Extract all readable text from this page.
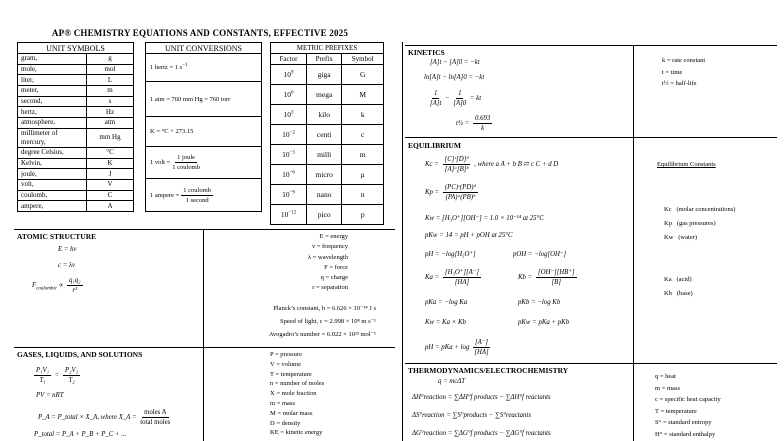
AP® CHEMISTRY EQUATIONS AND CONSTANTS, EFFECTIVE 2025
UNIT SYMBOLS	
gram,	g
mole,	mol
liter,	L
meter,	m
second,	s
hertz,	Hz
atmosphere,	atm
millimeter of mercury,	mm Hg
degree Celsius,	°C
Kelvin,	K
joule,	J
volt,	V
coulomb,	C
ampere,	A
UNIT CONVERSIONS
1 hertz = 1 $s^{-1}$
1 atm = 760 mm Hg = 760 torr
K = °C + 273.15
1 volt = $\frac{\text{1 joule}}{\text{1 coulomb}}$

1 ampere = $\frac{\text{1 coulomb}}{\text{1 second}}$
METRIC PREFIXES		
Factor	Prefix	Symbol
$10^9$	giga	G
$10^6$	mega	M
$10^3$	kilo	k
$10^{-2}$	centi	c
$10^{-3}$	milli	m
$10^{-6}$	micro	μ
$10^{-9}$	nano	n
$10^{-12}$	pico	p
ATOMIC STRUCTURE
E = hν
c = λν
$F_{coulombic} \propto \frac{\text{q₁q₂}}{\text{r²}}$
E = energy
ν = frequency
λ = wavelength
F = force
q = charge
r = separation
Planck’s constant, h = 6.626 × 10⁻³⁴ J s
Speed of light, c = 2.998 × 10⁸ m s⁻¹
Avogadro’s number = 6.022 × 10²³ mol⁻¹
GASES, LIQUIDS, AND SOLUTIONS
$\frac{\text{P₁V₁}}{\text{T₁}} = \frac{\text{P₂V₂}}{\text{T₂}}$
PV = nRT
P_A = P_total × X_A, where X_A = $\frac{\text{moles A}}{\text{total moles}}$
P_total = P_A + P_B + P_C + ...
P = pressure
V = volume
T = temperature
n = number of moles
X = mole fraction
m = mass
M = molar mass
D = density
KE = kinetic energy
KINETICS
[A]t − [A]0 = −kt
ln[A]t − ln[A]0 = −kt
$\frac{1}{[A]t} - \frac{1}{[A]0}$ = kt
t½ = $\frac{0.693}{k}$
k = rate constant
t = time
t½ = half-life
EQUILIBRIUM
$Kc = \frac{\text{[C]ᶜ[D]ᵈ}}{\text{[A]ᵃ[B]ᵇ}}$ , where a A + b B ⇄ c C + d D
$Kp = \frac{\text{(PC)ᶜ(PD)ᵈ}}{\text{(PA)ᵃ(PB)ᵇ}}$
Kw = [H₃O⁺][OH⁻] = 1.0 × 10⁻¹⁴ at 25°C
pKw = 14 = pH + pOH at 25°C
pH = −log[H₃O⁺]	pOH = −log[OH⁻]
$Ka = \frac{\text{[H₃O⁺][A⁻]}}{[HA]}$	$Kb = \frac{[OH^-][HB^+]}{[B]}$
pKa = −log Ka	pKb = −log Kb
Kw = Ka × Kb	pKw = pKa + pKb
pH = pKa + $\log \frac{[A^-]}{[HA]}$
Equilibrium Constants

Kc   (molar concentrations)
Kp   (gas pressures)
Kw   (water)

Ka   (acid)
Kb   (base)

THERMODYNAMICS/ELECTROCHEMISTRY
q = mcΔT
ΔH°reaction = ∑ΔH°f products − ∑ΔH°f reactants
ΔS°reaction = ∑S°products − ∑S°reactants
ΔG°reaction = ∑ΔG°f products − ∑ΔG°f reactants
q = heat
m = mass
c = specific heat capacity
T = temperature
S° = standard entropy
H° = standard enthalpy
